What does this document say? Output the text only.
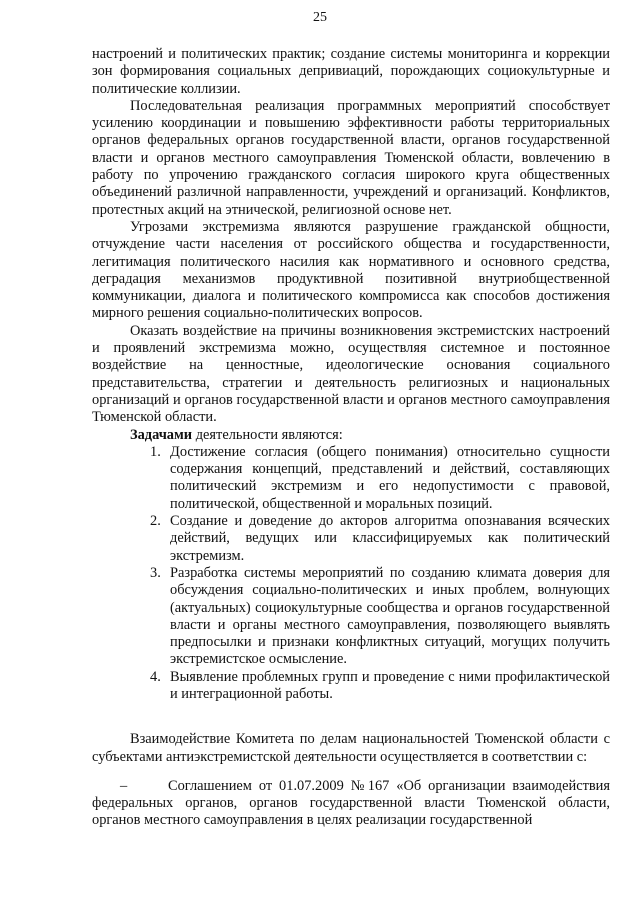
25

настроений и политических практик; создание системы мониторинга и коррекции зон формирования социальных депривиаций, порождающих социокультурные и политические коллизии.

Последовательная реализация программных мероприятий способствует усилению координации и повышению эффективности работы территориальных органов федеральных органов государственной власти, органов государственной власти и органов местного самоуправления Тюменской области, вовлечению в работу по упрочению гражданского согласия широкого круга общественных объединений различной направленности, учреждений и организаций. Конфликтов, протестных акций на этнической, религиозной основе нет.

Угрозами экстремизма являются разрушение гражданской общности, отчуждение части населения от российского общества и государственности, легитимация политического насилия как нормативного и основного средства, деградация механизмов продуктивной позитивной внутриобщественной коммуникации, диалога и политического компромисса как способов достижения мирного решения социально-политических вопросов.

Оказать воздействие на причины возникновения экстремистских настроений и проявлений экстремизма можно, осуществляя системное и постоянное воздействие на ценностные, идеологические основания социального представительства, стратегии и деятельность религиозных и национальных организаций и органов государственной власти и органов местного самоуправления Тюменской области.

Задачами деятельности являются:

1. Достижение согласия (общего понимания) относительно сущности содержания концепций, представлений и действий, составляющих политический экстремизм и его недопустимости с правовой, политической, общественной и моральных позиций.
2. Создание и доведение до акторов алгоритма опознавания всяческих действий, ведущих или классифицируемых как политический экстремизм.
3. Разработка системы мероприятий по созданию климата доверия для обсуждения социально-политических и иных проблем, волнующих (актуальных) социокультурные сообщества и органов государственной власти и органы местного самоуправления, позволяющего выявлять предпосылки и признаки конфликтных ситуаций, могущих получить экстремистское осмысление.
4. Выявление проблемных групп и проведение с ними профилактической и интеграционной работы.

Взаимодействие Комитета по делам национальностей Тюменской области с субъектами антиэкстремистской деятельности осуществляется в соответствии с:

–	Соглашением от 01.07.2009 №167 «Об организации взаимодействия федеральных органов, органов государственной власти Тюменской области, органов местного самоуправления в целях реализации государственной
